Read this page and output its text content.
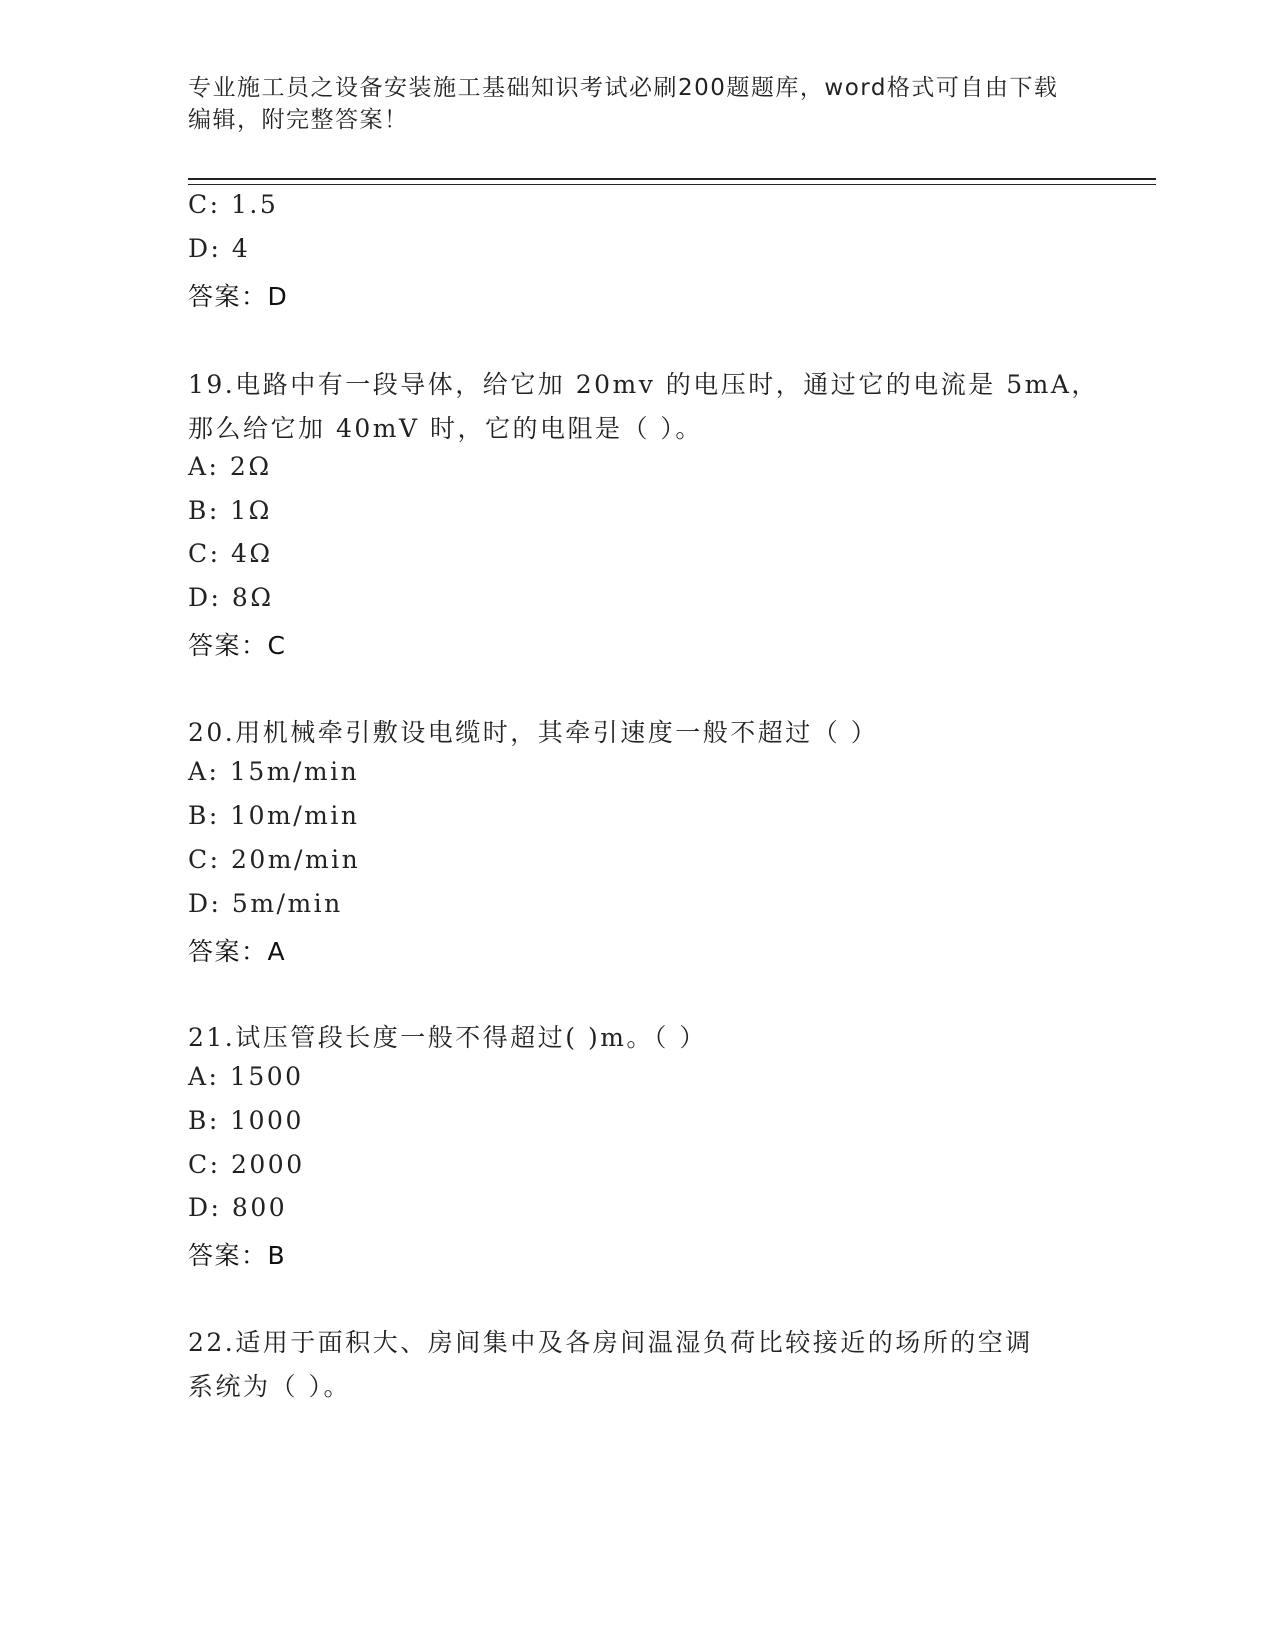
专业施工员之设备安装施工基础知识考试必刷200题题库，word格式可自由下载
编辑，附完整答案！
C: 1.5
D: 4
答案：D
19.电路中有一段导体，给它加 20mv 的电压时，通过它的电流是 5mA，
那么给它加 40mV 时，它的电阻是（ ）。
A: 2Ω
B: 1Ω
C: 4Ω
D: 8Ω
答案：C
20.用机械牵引敷设电缆时，其牵引速度一般不超过（ ）
A: 15m/min
B: 10m/min
C: 20m/min
D: 5m/min
答案：A
21.试压管段长度一般不得超过( )m。（ ）
A: 1500
B: 1000
C: 2000
D: 800
答案：B
22.适用于面积大、房间集中及各房间温湿负荷比较接近的场所的空调
系统为（ ）。
